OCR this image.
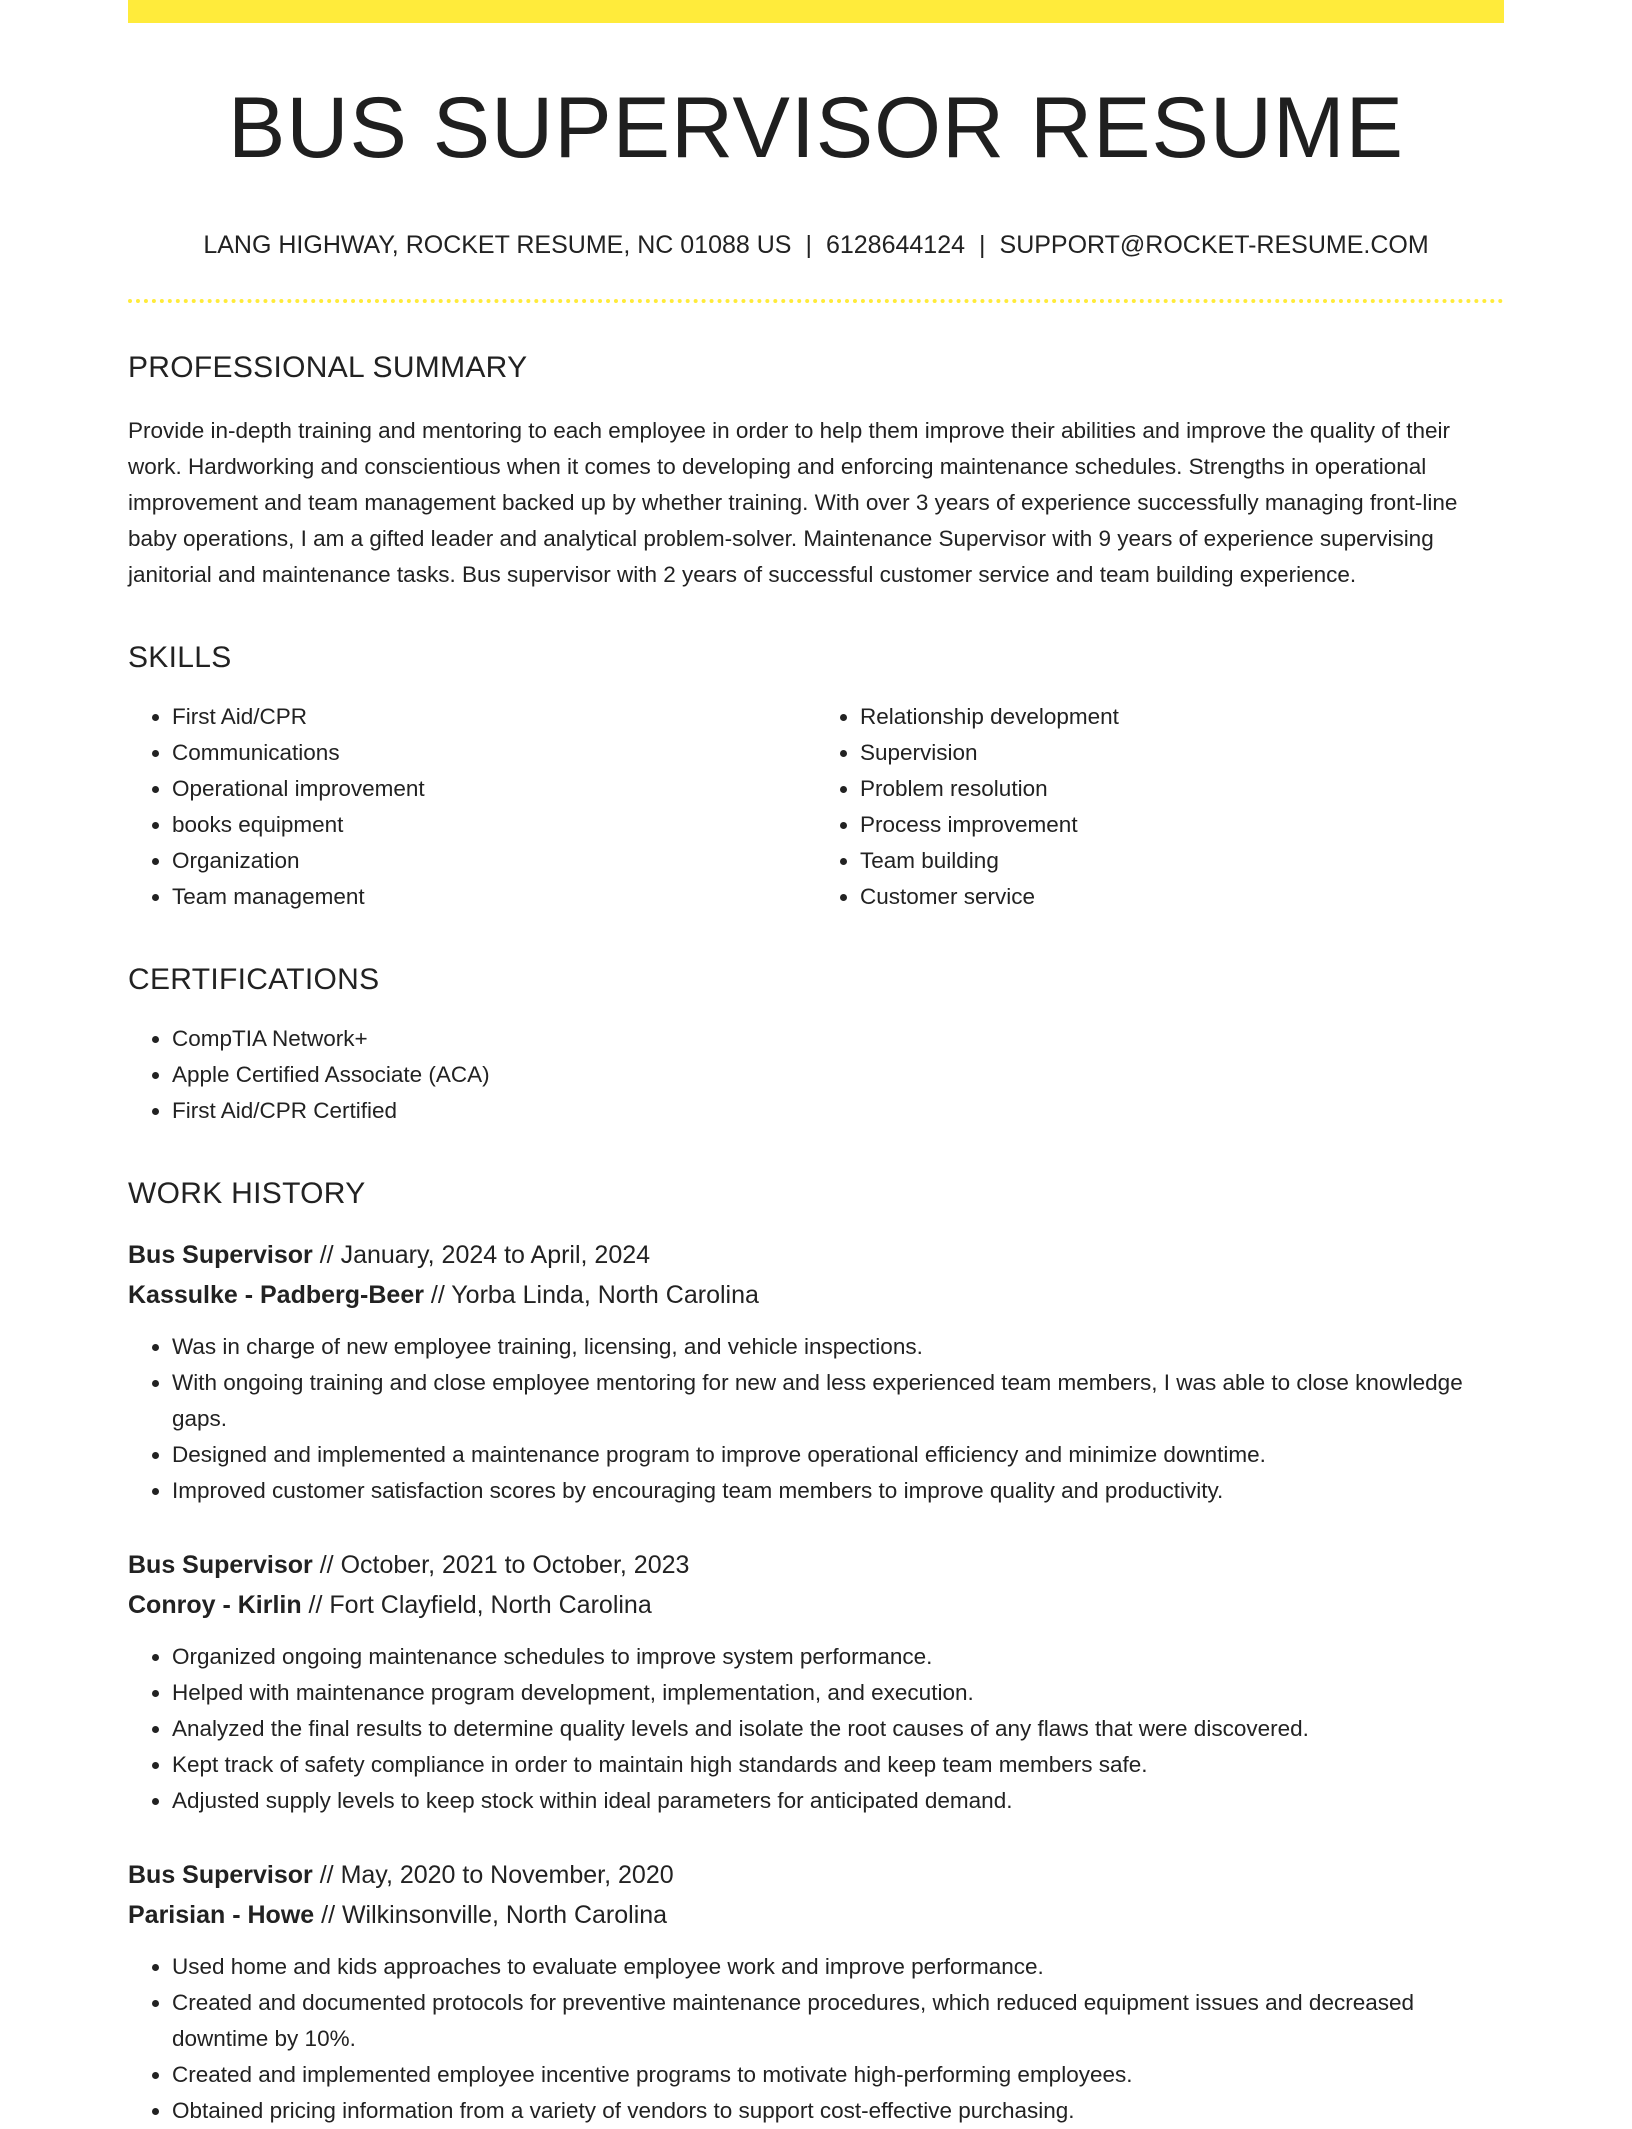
BUS SUPERVISOR RESUME
LANG HIGHWAY, ROCKET RESUME, NC 01088 US | 6128644124 | SUPPORT@ROCKET-RESUME.COM
PROFESSIONAL SUMMARY
Provide in-depth training and mentoring to each employee in order to help them improve their abilities and improve the quality of their work. Hardworking and conscientious when it comes to developing and enforcing maintenance schedules. Strengths in operational improvement and team management backed up by whether training. With over 3 years of experience successfully managing front-line baby operations, I am a gifted leader and analytical problem-solver. Maintenance Supervisor with 9 years of experience supervising janitorial and maintenance tasks. Bus supervisor with 2 years of successful customer service and team building experience.
SKILLS
• First Aid/CPR
• Communications
• Operational improvement
• books equipment
• Organization
• Team management
• Relationship development
• Supervision
• Problem resolution
• Process improvement
• Team building
• Customer service
CERTIFICATIONS
• CompTIA Network+
• Apple Certified Associate (ACA)
• First Aid/CPR Certified
WORK HISTORY
Bus Supervisor // January, 2024 to April, 2024
Kassulke - Padberg-Beer // Yorba Linda, North Carolina
• Was in charge of new employee training, licensing, and vehicle inspections.
• With ongoing training and close employee mentoring for new and less experienced team members, I was able to close knowledge gaps.
• Designed and implemented a maintenance program to improve operational efficiency and minimize downtime.
• Improved customer satisfaction scores by encouraging team members to improve quality and productivity.
Bus Supervisor // October, 2021 to October, 2023
Conroy - Kirlin // Fort Clayfield, North Carolina
• Organized ongoing maintenance schedules to improve system performance.
• Helped with maintenance program development, implementation, and execution.
• Analyzed the final results to determine quality levels and isolate the root causes of any flaws that were discovered.
• Kept track of safety compliance in order to maintain high standards and keep team members safe.
• Adjusted supply levels to keep stock within ideal parameters for anticipated demand.
Bus Supervisor // May, 2020 to November, 2020
Parisian - Howe // Wilkinsonville, North Carolina
• Used home and kids approaches to evaluate employee work and improve performance.
• Created and documented protocols for preventive maintenance procedures, which reduced equipment issues and decreased downtime by 10%.
• Created and implemented employee incentive programs to motivate high-performing employees.
• Obtained pricing information from a variety of vendors to support cost-effective purchasing.
